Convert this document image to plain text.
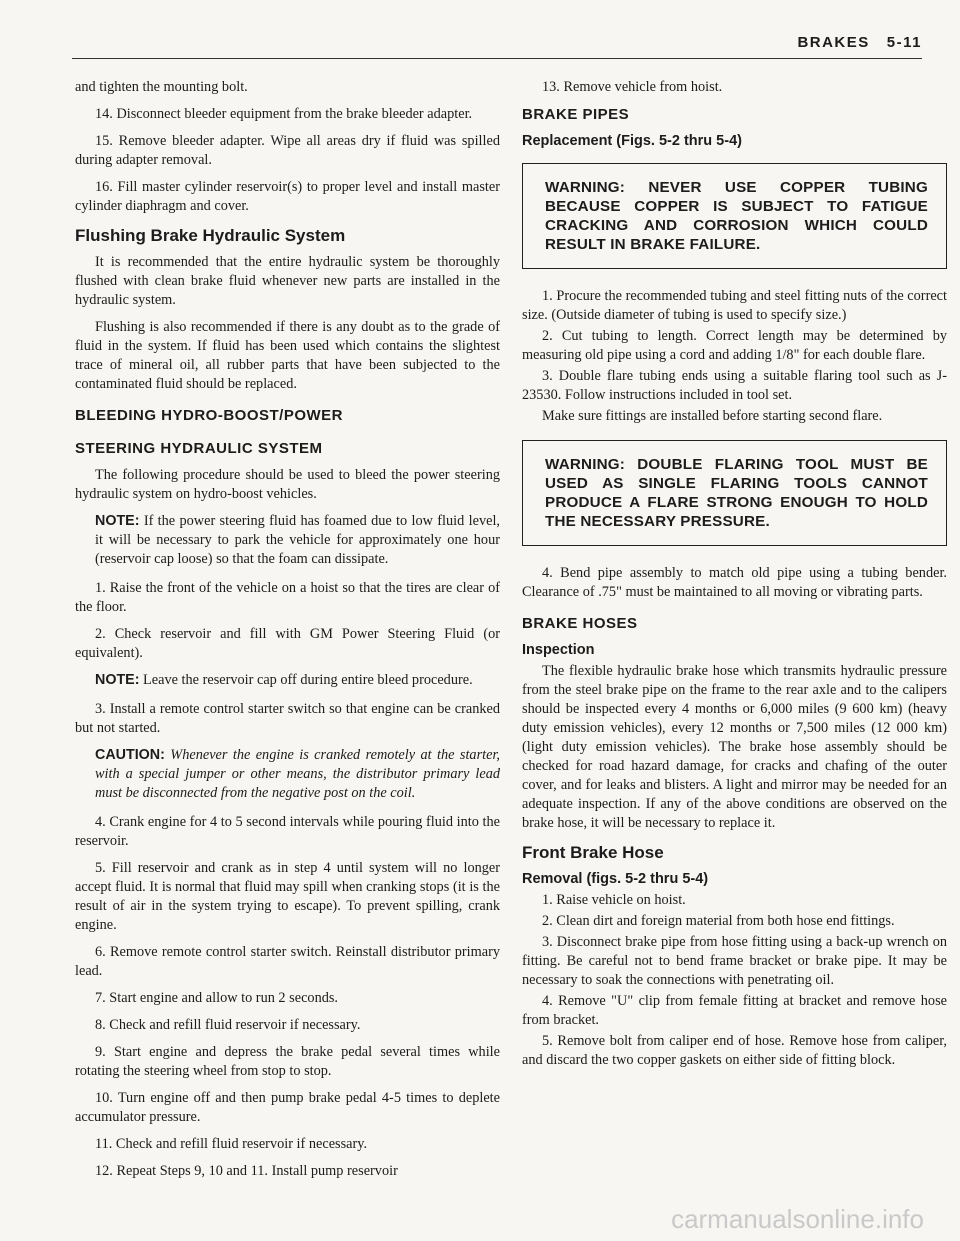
BRAKES 5-11

and tighten the mounting bolt.

14. Disconnect bleeder equipment from the brake bleeder adapter.

15. Remove bleeder adapter. Wipe all areas dry if fluid was spilled during adapter removal.

16. Fill master cylinder reservoir(s) to proper level and install master cylinder diaphragm and cover.

Flushing Brake Hydraulic System

It is recommended that the entire hydraulic system be thoroughly flushed with clean brake fluid whenever new parts are installed in the hydraulic system.

Flushing is also recommended if there is any doubt as to the grade of fluid in the system. If fluid has been used which contains the slightest trace of mineral oil, all rubber parts that have been subjected to the contaminated fluid should be replaced.

BLEEDING HYDRO-BOOST/POWER
STEERING HYDRAULIC SYSTEM

The following procedure should be used to bleed the power steering hydraulic system on hydro-boost vehicles.

NOTE: If the power steering fluid has foamed due to low fluid level, it will be necessary to park the vehicle for approximately one hour (reservoir cap loose) so that the foam can dissipate.

1. Raise the front of the vehicle on a hoist so that the tires are clear of the floor.

2. Check reservoir and fill with GM Power Steering Fluid (or equivalent).

NOTE: Leave the reservoir cap off during entire bleed procedure.

3. Install a remote control starter switch so that engine can be cranked but not started.

CAUTION: Whenever the engine is cranked remotely at the starter, with a special jumper or other means, the distributor primary lead must be disconnected from the negative post on the coil.

4. Crank engine for 4 to 5 second intervals while pouring fluid into the reservoir.

5. Fill reservoir and crank as in step 4 until system will no longer accept fluid. It is normal that fluid may spill when cranking stops (it is the result of air in the system trying to escape). To prevent spilling, crank engine.

6. Remove remote control starter switch. Reinstall distributor primary lead.

7. Start engine and allow to run 2 seconds.

8. Check and refill fluid reservoir if necessary.

9. Start engine and depress the brake pedal several times while rotating the steering wheel from stop to stop.

10. Turn engine off and then pump brake pedal 4-5 times to deplete accumulator pressure.

11. Check and refill fluid reservoir if necessary.

12. Repeat Steps 9, 10 and 11. Install pump reservoir

13. Remove vehicle from hoist.

BRAKE PIPES
Replacement (Figs. 5-2 thru 5-4)
WARNING: NEVER USE COPPER TUBING BECAUSE COPPER IS SUBJECT TO FATIGUE CRACKING AND CORROSION WHICH COULD RESULT IN BRAKE FAILURE.

1. Procure the recommended tubing and steel fitting nuts of the correct size. (Outside diameter of tubing is used to specify size.)

2. Cut tubing to length. Correct length may be determined by measuring old pipe using a cord and adding 1/8" for each double flare.

3. Double flare tubing ends using a suitable flaring tool such as J-23530. Follow instructions included in tool set.

Make sure fittings are installed before starting second flare.

WARNING: DOUBLE FLARING TOOL MUST BE USED AS SINGLE FLARING TOOLS CANNOT PRODUCE A FLARE STRONG ENOUGH TO HOLD THE NECESSARY PRESSURE.

4. Bend pipe assembly to match old pipe using a tubing bender. Clearance of .75" must be maintained to all moving or vibrating parts.

BRAKE HOSES
Inspection

The flexible hydraulic brake hose which transmits hydraulic pressure from the steel brake pipe on the frame to the rear axle and to the calipers should be inspected every 4 months or 6,000 miles (9 600 km) (heavy duty emission vehicles), every 12 months or 7,500 miles (12 000 km) (light duty emission vehicles). The brake hose assembly should be checked for road hazard damage, for cracks and chafing of the outer cover, and for leaks and blisters. A light and mirror may be needed for an adequate inspection. If any of the above conditions are observed on the brake hose, it will be necessary to replace it.

Front Brake Hose
Removal (figs. 5-2 thru 5-4)

1. Raise vehicle on hoist.

2. Clean dirt and foreign material from both hose end fittings.

3. Disconnect brake pipe from hose fitting using a back-up wrench on fitting. Be careful not to bend frame bracket or brake pipe. It may be necessary to soak the connections with penetrating oil.

4. Remove "U" clip from female fitting at bracket and remove hose from bracket.

5. Remove bolt from caliper end of hose. Remove hose from caliper, and discard the two copper gaskets on either side of fitting block.

carmanualsonline.info
